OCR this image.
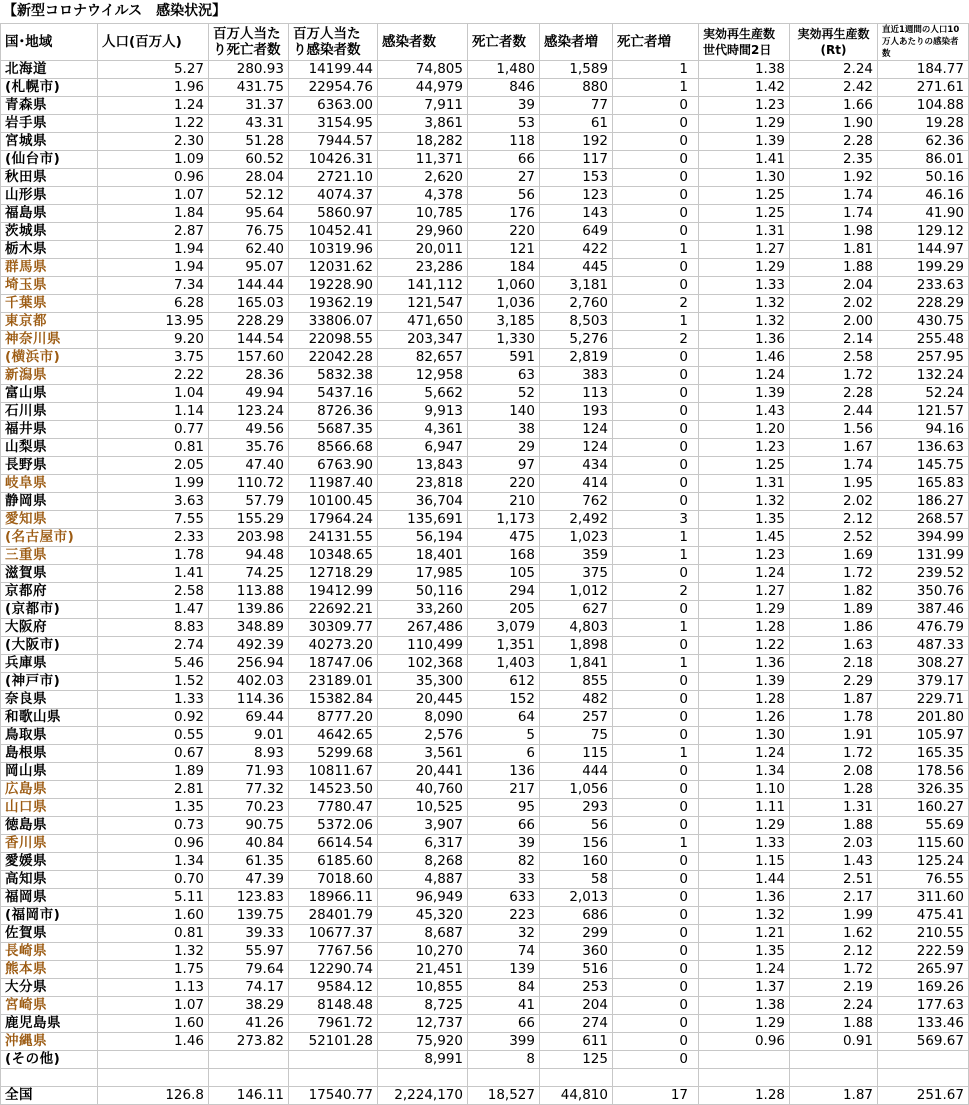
【新型コロナウイルス　感染状況】
国･地域	人口(百万人)	百万人当たり死亡者数	百万人当たり感染者数	感染者数	死亡者数	感染者増	死亡者増	実効再生産数世代時間2日	実効再生産数(Rt)	直近1週間の人口10万人あたりの感染者数
北海道	5.27	280.93	14199.44	74,805	1,480	1,589	1	1.38	2.24	184.77
(札幌市)	1.96	431.75	22954.76	44,979	846	880	1	1.42	2.42	271.61
青森県	1.24	31.37	6363.00	7,911	39	77	0	1.23	1.66	104.88
岩手県	1.22	43.31	3154.95	3,861	53	61	0	1.29	1.90	19.28
宮城県	2.30	51.28	7944.57	18,282	118	192	0	1.39	2.28	62.36
(仙台市)	1.09	60.52	10426.31	11,371	66	117	0	1.41	2.35	86.01
秋田県	0.96	28.04	2721.10	2,620	27	153	0	1.30	1.92	50.16
山形県	1.07	52.12	4074.37	4,378	56	123	0	1.25	1.74	46.16
福島県	1.84	95.64	5860.97	10,785	176	143	0	1.25	1.74	41.90
茨城県	2.87	76.75	10452.41	29,960	220	649	0	1.31	1.98	129.12
栃木県	1.94	62.40	10319.96	20,011	121	422	1	1.27	1.81	144.97
群馬県	1.94	95.07	12031.62	23,286	184	445	0	1.29	1.88	199.29
埼玉県	7.34	144.44	19228.90	141,112	1,060	3,181	0	1.33	2.04	233.63
千葉県	6.28	165.03	19362.19	121,547	1,036	2,760	2	1.32	2.02	228.29
東京都	13.95	228.29	33806.07	471,650	3,185	8,503	1	1.32	2.00	430.75
神奈川県	9.20	144.54	22098.55	203,347	1,330	5,276	2	1.36	2.14	255.48
(横浜市)	3.75	157.60	22042.28	82,657	591	2,819	0	1.46	2.58	257.95
新潟県	2.22	28.36	5832.38	12,958	63	383	0	1.24	1.72	132.24
富山県	1.04	49.94	5437.16	5,662	52	113	0	1.39	2.28	52.24
石川県	1.14	123.24	8726.36	9,913	140	193	0	1.43	2.44	121.57
福井県	0.77	49.56	5687.35	4,361	38	124	0	1.20	1.56	94.16
山梨県	0.81	35.76	8566.68	6,947	29	124	0	1.23	1.67	136.63
長野県	2.05	47.40	6763.90	13,843	97	434	0	1.25	1.74	145.75
岐阜県	1.99	110.72	11987.40	23,818	220	414	0	1.31	1.95	165.83
静岡県	3.63	57.79	10100.45	36,704	210	762	0	1.32	2.02	186.27
愛知県	7.55	155.29	17964.24	135,691	1,173	2,492	3	1.35	2.12	268.57
(名古屋市)	2.33	203.98	24131.55	56,194	475	1,023	1	1.45	2.52	394.99
三重県	1.78	94.48	10348.65	18,401	168	359	1	1.23	1.69	131.99
滋賀県	1.41	74.25	12718.29	17,985	105	375	0	1.24	1.72	239.52
京都府	2.58	113.88	19412.99	50,116	294	1,012	2	1.27	1.82	350.76
(京都市)	1.47	139.86	22692.21	33,260	205	627	0	1.29	1.89	387.46
大阪府	8.83	348.89	30309.77	267,486	3,079	4,803	1	1.28	1.86	476.79
(大阪市)	2.74	492.39	40273.20	110,499	1,351	1,898	0	1.22	1.63	487.33
兵庫県	5.46	256.94	18747.06	102,368	1,403	1,841	1	1.36	2.18	308.27
(神戸市)	1.52	402.03	23189.01	35,300	612	855	0	1.39	2.29	379.17
奈良県	1.33	114.36	15382.84	20,445	152	482	0	1.28	1.87	229.71
和歌山県	0.92	69.44	8777.20	8,090	64	257	0	1.26	1.78	201.80
鳥取県	0.55	9.01	4642.65	2,576	5	75	0	1.30	1.91	105.97
島根県	0.67	8.93	5299.68	3,561	6	115	1	1.24	1.72	165.35
岡山県	1.89	71.93	10811.67	20,441	136	444	0	1.34	2.08	178.56
広島県	2.81	77.32	14523.50	40,760	217	1,056	0	1.10	1.28	326.35
山口県	1.35	70.23	7780.47	10,525	95	293	0	1.11	1.31	160.27
徳島県	0.73	90.75	5372.06	3,907	66	56	0	1.29	1.88	55.69
香川県	0.96	40.84	6614.54	6,317	39	156	1	1.33	2.03	115.60
愛媛県	1.34	61.35	6185.60	8,268	82	160	0	1.15	1.43	125.24
高知県	0.70	47.39	7018.60	4,887	33	58	0	1.44	2.51	76.55
福岡県	5.11	123.83	18966.11	96,949	633	2,013	0	1.36	2.17	311.60
(福岡市)	1.60	139.75	28401.79	45,320	223	686	0	1.32	1.99	475.41
佐賀県	0.81	39.33	10677.37	8,687	32	299	0	1.21	1.62	210.55
長崎県	1.32	55.97	7767.56	10,270	74	360	0	1.35	2.12	222.59
熊本県	1.75	79.64	12290.74	21,451	139	516	0	1.24	1.72	265.97
大分県	1.13	74.17	9584.12	10,855	84	253	0	1.37	2.19	169.26
宮崎県	1.07	38.29	8148.48	8,725	41	204	0	1.38	2.24	177.63
鹿児島県	1.60	41.26	7961.72	12,737	66	274	0	1.29	1.88	133.46
沖縄県	1.46	273.82	52101.28	75,920	399	611	0	0.96	0.91	569.67
(その他)				8,991	8	125	0			

全国	126.8	146.11	17540.77	2,224,170	18,527	44,810	17	1.28	1.87	251.67
